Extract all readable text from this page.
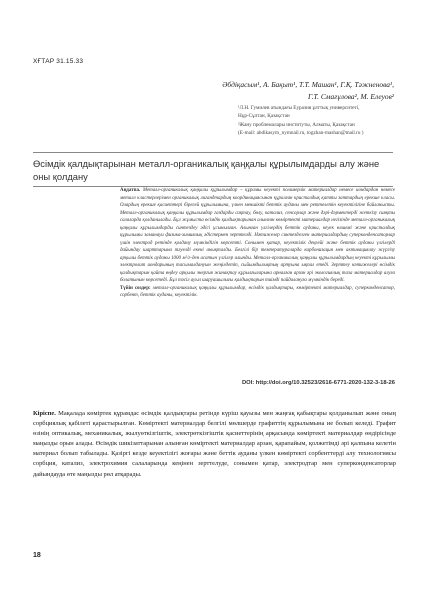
ХҒТАР 31.15.33
Әбдіқасым¹, А. Бақыт¹, Т.Т. Машан¹, Г.Қ. Тәжненова¹,
Г.Т. Смағұлова², М. Елеуов²
¹Л.Н. Гумилев атындағы Еуразия ұлттық университеті,
Нұр-Сұлтан, Қазақстан
²Жану проблемалары институты, Алматы, Қазақстан
(E-mail: abdikasym_nymnail.ru, togzhan-mashan@mail.ru )
Өсімдік қалдықтарынан металл-органикалық қаңқалы құрылымдарды алу және оны қолдану

Аңдатпа. Металл-органикалық қаңқалы құрылымдар – құрамы кеуекті полимерлік материалдар немесе иондардан немесе металл кластерлерімен органикалық лигандтардың координациясынан құралған кристалдық қатты заттардың ерекше класы. Олардың ерекше қасиеттері бірегей құрылымына, үлкен меншікті беттік ауданы мен реттелетін кеуектілігіне байланысты. Металл-органикалық қаңқалы құрылымдар газдарды сақтау, бөлу, катализ, сенсорлар және дәрі-дәрмектерді жеткізу сияқты салаларда қолданылады. Бұл жұмыста өсімдік қалдықтарынан алынған көміртекті материалдар негізінде металл-органикалық қаңқалы құрылымдарды синтездеу әдісі ұсынылған. Алынған үлгілердің беттік ауданы, кеуек өлшемі және кристалдық құрылымы заманауи физика-химиялық әдістермен зерттелді. Нәтижелер синтезделген материалдардың суперконденсаторлар үшін электрод ретінде қолдану мүмкіндігін көрсетті. Сонымен қатар, кеуектілік деңгейі және беттік ауданы үлгілерді дайындау шарттарына тәуелді екені анықталды. Белгілі бір температураларда карбонизация мен активациялау жүргізу арқылы беттік ауданы 1000 м²/г-ден асатын үлгілер алынды. Металл-органикалық қаңқалы құрылымдардың кеуекті құрылымы электролит иондарының тасымалдануын жеңілдетіп, сыйымдылықтың артуына ықпал етеді. Зерттеу нәтижелері өсімдік қалдықтарын қайта өңдеу арқылы энергия жинақтау құрылғыларына арналған арзан әрі экологиялық таза материалдар алуға болатынын көрсетеді. Бұл тәсіл ауыл шаруашылығы қалдықтарын тиімді пайдалануға мүмкіндік береді.

Түйін сөздер: металл-органикалық қаңқалы құрылымдар, өсімдік қалдықтары, көміртекті материалдар, суперконденсатор, сорбент, беттік ауданы, кеуектілік.

DOI: http://doi.org/10.32523/2616-6771-2020-132-3-18-26
Кіріспе. Мақалада көміртек құрамдас өсімдік қалдықтары ретінде күріш қауызы мен жаңғақ қабықтары қолданылып және оның сорбциялық қабілеті қарастырылған. Көміртекті материалдар белгілі мөлшерде графиттің құрылымына ие болып келеді. Графит өзінің оптикалық, механикалық, жылуөткізгіштік, электрөткізгіштік қасиеттерінің арқасында көміртекті материалдар өндірісінде маңызды орын алады. Өсімдік шикізаттарынан алынған көміртекті материалдар арзан, қарапайым, қолжетімді әрі қалпына келетін материал болып табылады. Қазіргі кезде кеуектілігі жоғары және беттік ауданы үлкен көміртекті сорбенттерді алу технологиясы сорбция, катализ, электрохимия салаларында кеңінен зерттелуде, сонымен қатар, электродтар мен суперконденсаторлар дайындауда өте маңызды рөл атқарады.
18
